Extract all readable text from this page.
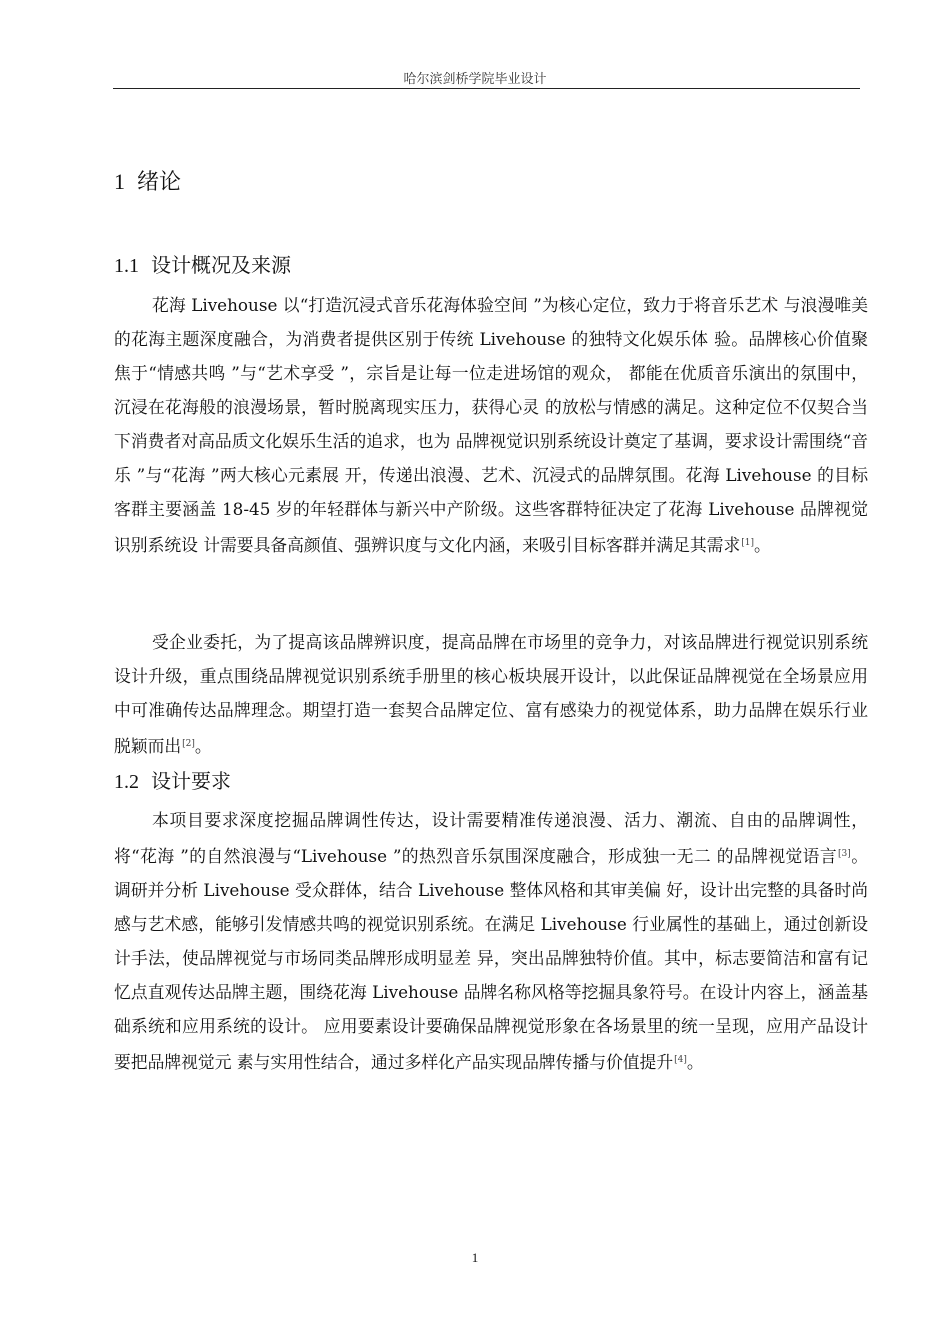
哈尔滨剑桥学院毕业设计
1 绪论
1.1 设计概况及来源

花海 Livehouse 以“打造沉浸式音乐花海体验空间 ”为核心定位，致力于将音乐艺术 与浪漫唯美的花海主题深度融合，为消费者提供区别于传统 Livehouse 的独特文化娱乐体 验。品牌核心价值聚焦于“情感共鸣 ”与“艺术享受 ”，宗旨是让每一位走进场馆的观众， 都能在优质音乐演出的氛围中，沉浸在花海般的浪漫场景，暂时脱离现实压力，获得心灵 的放松与情感的满足。这种定位不仅契合当下消费者对高品质文化娱乐生活的追求，也为 品牌视觉识别系统设计奠定了基调，要求设计需围绕“音乐 ”与“花海 ”两大核心元素展 开，传递出浪漫、艺术、沉浸式的品牌氛围。花海 Livehouse 的目标客群主要涵盖 18-45 岁的年轻群体与新兴中产阶级。这些客群特征决定了花海 Livehouse 品牌视觉识别系统设 计需要具备高颜值、强辨识度与文化内涵，来吸引目标客群并满足其需求[1]。

受企业委托，为了提高该品牌辨识度，提高品牌在市场里的竞争力，对该品牌进行视觉识别系统设计升级，重点围绕品牌视觉识别系统手册里的核心板块展开设计，以此保证品牌视觉在全场景应用中可准确传达品牌理念。期望打造一套契合品牌定位、富有感染力的视觉体系，助力品牌在娱乐行业脱颖而出[2]。

1.2 设计要求

本项目要求深度挖掘品牌调性传达，设计需要精准传递浪漫、活力、潮流、自由的品牌调性，将“花海 ”的自然浪漫与“Livehouse ”的热烈音乐氛围深度融合，形成独一无二 的品牌视觉语言[3]。调研并分析 Livehouse 受众群体，结合 Livehouse 整体风格和其审美偏 好，设计出完整的具备时尚感与艺术感，能够引发情感共鸣的视觉识别系统。在满足 Livehouse 行业属性的基础上，通过创新设计手法，使品牌视觉与市场同类品牌形成明显差 异，突出品牌独特价值。其中，标志要简洁和富有记忆点直观传达品牌主题，围绕花海 Livehouse 品牌名称风格等挖掘具象符号。在设计内容上，涵盖基础系统和应用系统的设计。 应用要素设计要确保品牌视觉形象在各场景里的统一呈现，应用产品设计要把品牌视觉元 素与实用性结合，通过多样化产品实现品牌传播与价值提升[4]。

1
